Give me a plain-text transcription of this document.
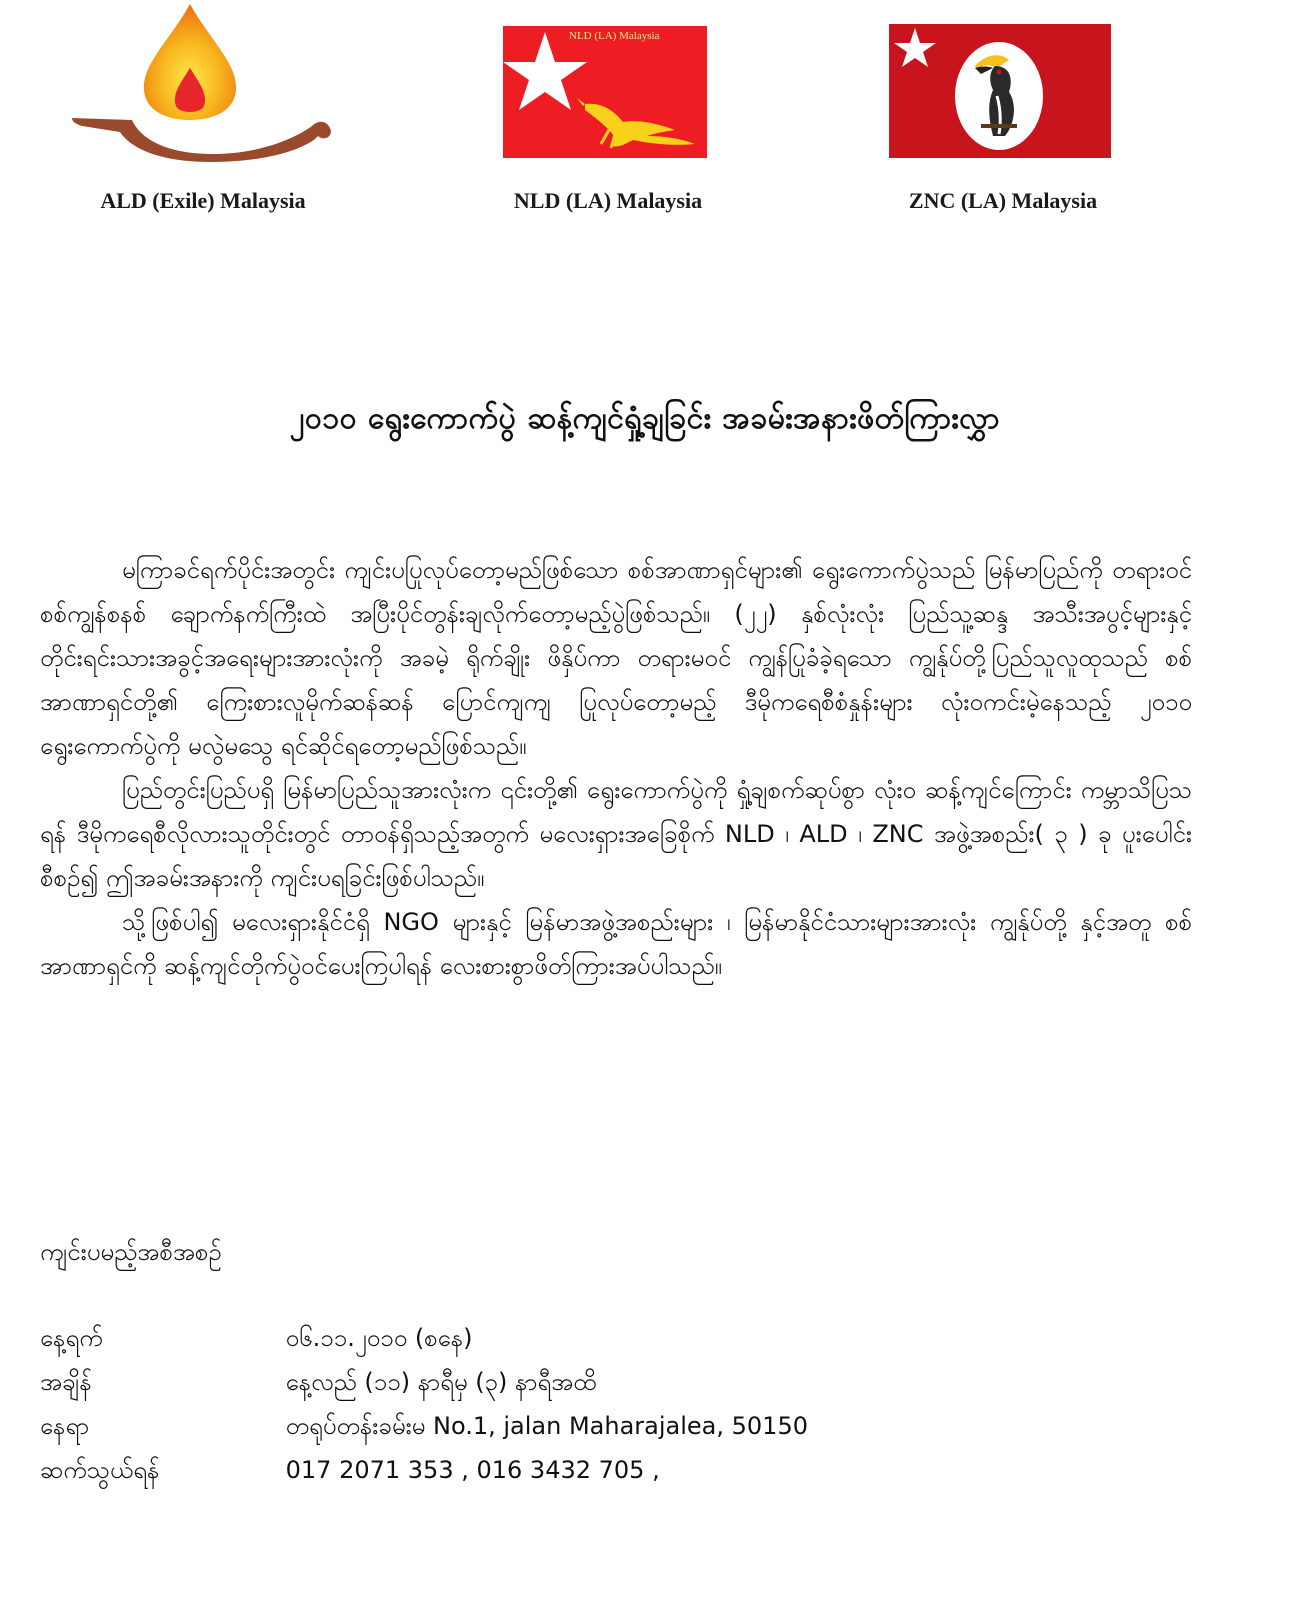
NLD (LA) Malaysia
ALD (Exile) Malaysia	NLD (LA) Malaysia	ZNC (LA) Malaysia
၂၀၁၀ ရွေးကောက်ပွဲ ဆန့်ကျင်ရှုံ့ချခြင်း အခမ်းအနားဖိတ်ကြားလွှာ

မကြာခင်ရက်ပိုင်းအတွင်း ကျင်းပပြုလုပ်တော့မည်ဖြစ်သော စစ်အာဏာရှင်များ၏ ရွေးကောက်ပွဲသည် မြန်မာပြည်ကို တရားဝင်စစ်ကျွန်စနစ် ချောက်နက်ကြီးထဲ အပြီးပိုင်တွန်းချလိုက်တော့မည့်ပွဲဖြစ်သည်။ (၂၂) နှစ်လုံးလုံး ပြည်သူ့ဆန္ဒ အသီးအပွင့်များနှင့် တိုင်းရင်းသားအခွင့်အရေးများအားလုံးကို အခမဲ့ ရိုက်ချိုး ဖိနှိပ်ကာ တရားမဝင် ကျွန်ပြုခံခဲ့ရသော ကျွန်ုပ်တို့ပြည်သူလူထုသည် စစ်အာဏာရှင်တို့၏ ကြေးစားလူမိုက်ဆန်ဆန် ပြောင်ကျကျ ပြုလုပ်တော့မည့် ဒီမိုကရေစီစံနှုန်းများ လုံးဝကင်းမဲ့နေသည့် ၂၀၁၀ ရွေးကောက်ပွဲကို မလွဲမသွေ ရင်ဆိုင်ရတော့မည်ဖြစ်သည်။

ပြည်တွင်းပြည်ပရှိ မြန်မာပြည်သူအားလုံးက ၎င်းတို့၏ ရွေးကောက်ပွဲကို ရှုံ့ချစက်ဆုပ်စွာ လုံးဝ ဆန့်ကျင်ကြောင်း ကမ္ဘာသိပြသရန် ဒီမိုကရေစီလိုလားသူတိုင်းတွင် တာဝန်ရှိသည့်အတွက် မလေးရှားအခြေစိုက် NLD ၊ ALD ၊ ZNC အဖွဲ့အစည်း( ၃ ) ခု ပူးပေါင်းစီစဉ်၍ ဤအခမ်းအနားကို ကျင်းပရခြင်းဖြစ်ပါသည်။

သို့ဖြစ်ပါ၍ မလေးရှားနိုင်ငံရှိ NGO များနှင့် မြန်မာအဖွဲ့အစည်းများ ၊ မြန်မာနိုင်ငံသားများအားလုံး ကျွန်ုပ်တို့ နှင့်အတူ စစ်အာဏာရှင်ကို ဆန့်ကျင်တိုက်ပွဲဝင်ပေးကြပါရန် လေးစားစွာဖိတ်ကြားအပ်ပါသည်။

ကျင်းပမည့်အစီအစဉ်
နေ့ရက်	၀၆.၁၁.၂၀၁၀ (စနေ)
အချိန်	နေ့လည် (၁၁) နာရီမှ (၃) နာရီအထိ
နေရာ	တရုပ်တန်းခမ်းမ No.1, jalan Maharajalea, 50150
ဆက်သွယ်ရန်	017 2071 353 , 016 3432 705 ,
